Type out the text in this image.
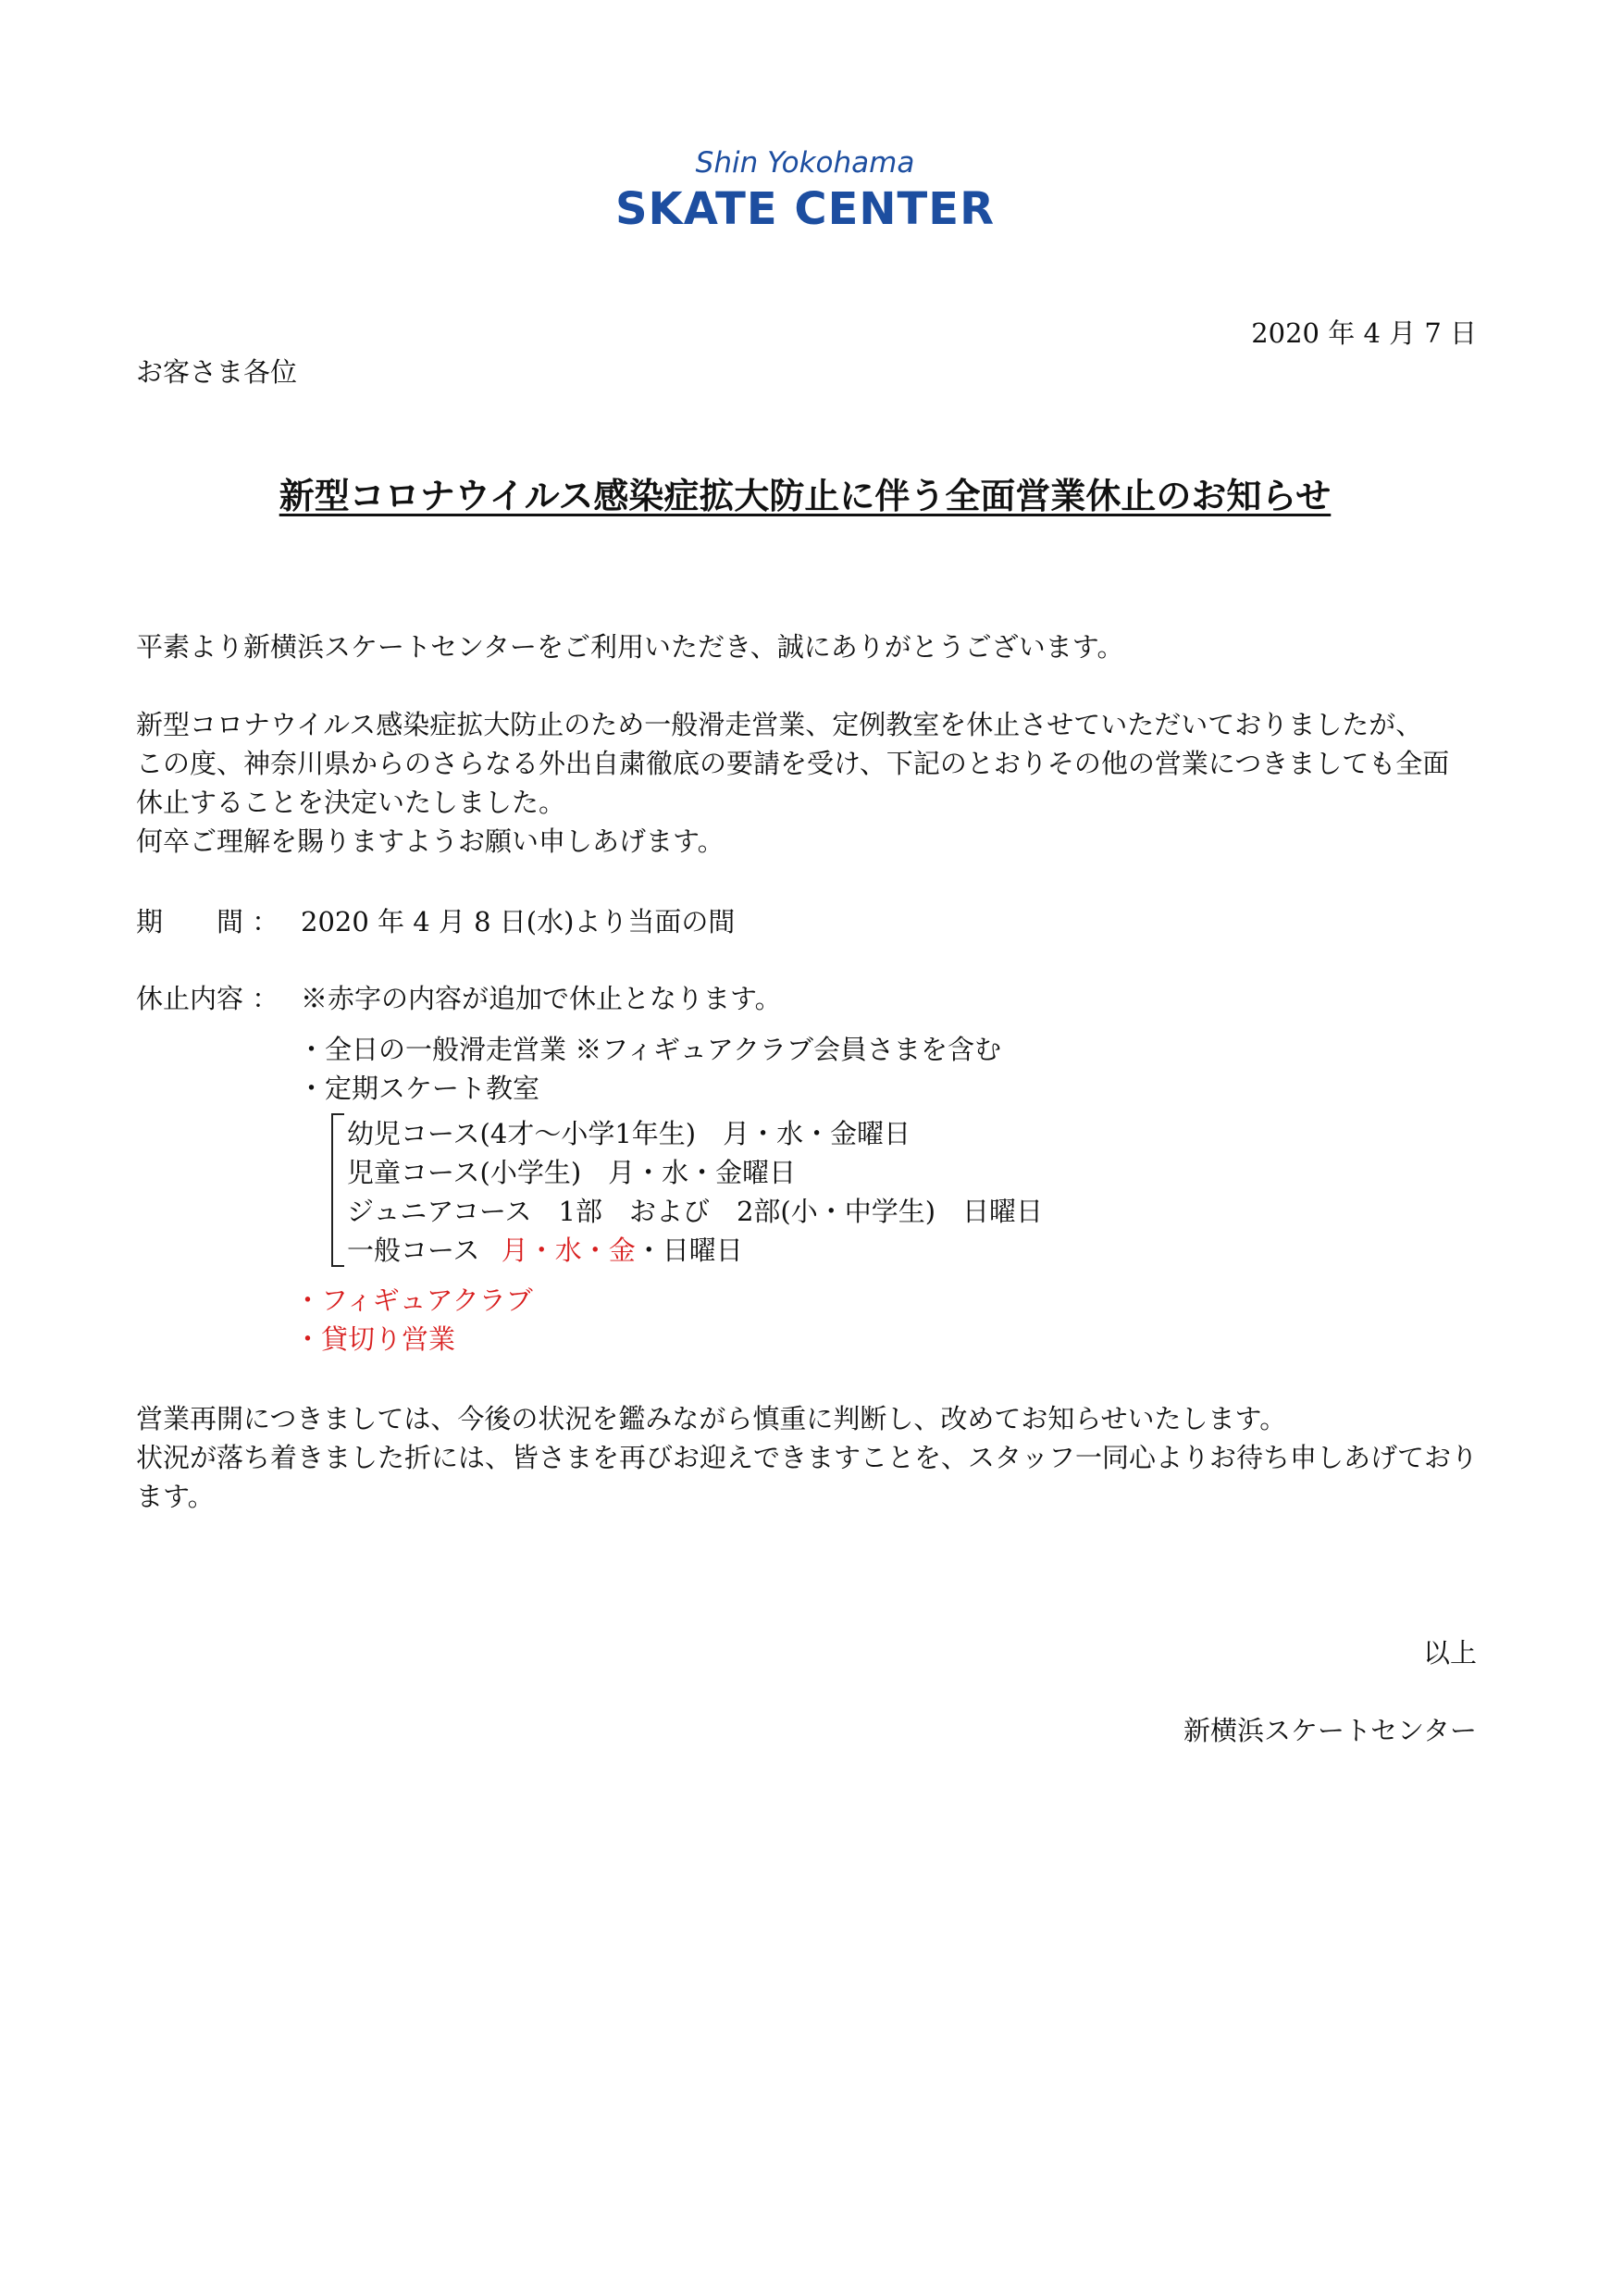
Shin Yokohama
SKATE CENTER
2020 年 4 月 7 日
お客さま各位
新型コロナウイルス感染症拡大防止に伴う全面営業休止のお知らせ
平素より新横浜スケートセンターをご利用いただき、誠にありがとうございます。
新型コロナウイルス感染症拡大防止のため一般滑走営業、定例教室を休止させていただいておりましたが、
この度、神奈川県からのさらなる外出自粛徹底の要請を受け、下記のとおりその他の営業につきましても全面
休止することを決定いたしました。
何卒ご理解を賜りますようお願い申しあげます。
期　　間 ： 2020 年 4 月 8 日(水)より当面の間
休止内容 ： ※赤字の内容が追加で休止となります。
・全日の一般滑走営業 ※フィギュアクラブ会員さまを含む
・定期スケート教室
幼児コース(4才～小学1年生)　月・水・金曜日
児童コース(小学生)　月・水・金曜日
ジュニアコース　1部　および　2部(小・中学生)　日曜日
一般コース 月・水・金・日曜日
・フィギュアクラブ
・貸切り営業
営業再開につきましては、今後の状況を鑑みながら慎重に判断し、改めてお知らせいたします。
状況が落ち着きました折には、皆さまを再びお迎えできますことを、スタッフ一同心よりお待ち申しあげており
ます。
以上
新横浜スケートセンター
